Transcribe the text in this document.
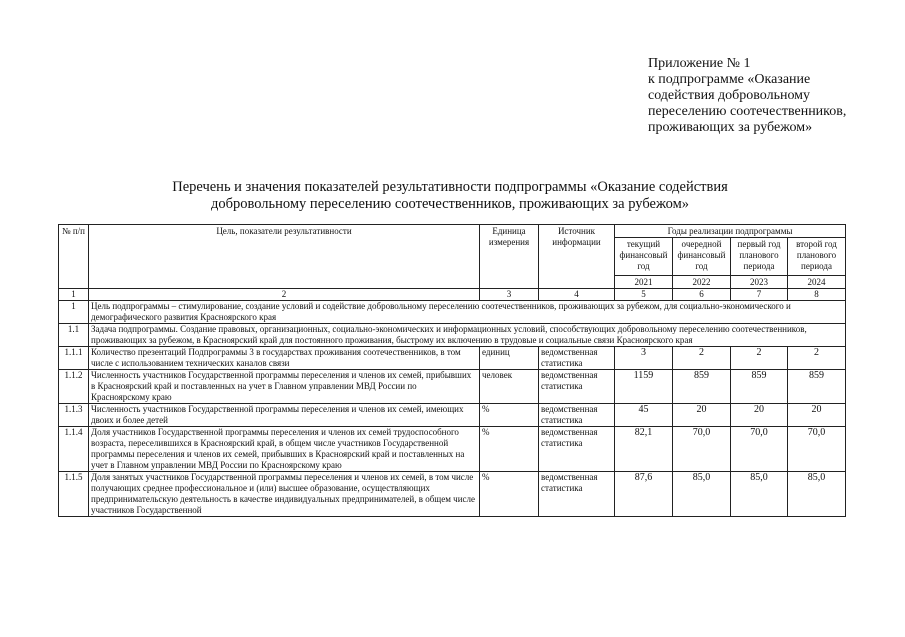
Приложение № 1
к подпрограмме «Оказание
содействия добровольному
переселению соотечественников,
проживающих за рубежом»
Перечень и значения показателей результативности подпрограммы «Оказание содействия
добровольному переселению соотечественников, проживающих за рубежом»
№ п/п	Цель, показатели результативности	Единица измерения	Источник информации	Годы реализации подпрограммы			
				текущий финансовый год	очередной финансовый год	первый год планового периода	второй год планового периода
				2021	2022	2023	2024
1	2	3	4	5	6	7	8
1	Цель подпрограммы – стимулирование, создание условий и содействие добровольному переселению соотечественников, проживающих за рубежом, для социально-экономического и демографического развития Красноярского края						
1.1	Задача подпрограммы. Создание правовых, организационных, социально-экономических и информационных условий, способствующих добровольному переселению соотечественников, проживающих за рубежом, в Красноярский край для постоянного проживания, быстрому их включению в трудовые и социальные связи Красноярского края						
1.1.1	Количество презентаций Подпрограммы 3 в государствах проживания соотечественников, в том числе с использованием технических каналов связи	единиц	ведомственная статистика	3	2	2	2
1.1.2	Численность участников Государственной программы переселения и членов их семей, прибывших в Красноярский край и поставленных на учет в Главном управлении МВД России по Красноярскому краю	человек	ведомственная статистика	1159	859	859	859
1.1.3	Численность участников Государственной программы переселения и членов их семей, имеющих двоих и более детей	%	ведомственная статистика	45	20	20	20
1.1.4	Доля участников Государственной программы переселения и членов их семей трудоспособного возраста, переселившихся в Красноярский край, в общем числе участников Государственной программы переселения и членов их семей, прибывших в Красноярский край и поставленных на учет в Главном управлении МВД России по Красноярскому краю	%	ведомственная статистика	82,1	70,0	70,0	70,0
1.1.5	Доля занятых участников Государственной программы переселения и членов их семей, в том числе получающих среднее профессиональное и (или) высшее образование, осуществляющих предпринимательскую деятельность в качестве индивидуальных предпринимателей, в общем числе участников Государственной	%	ведомственная статистика	87,6	85,0	85,0	85,0
